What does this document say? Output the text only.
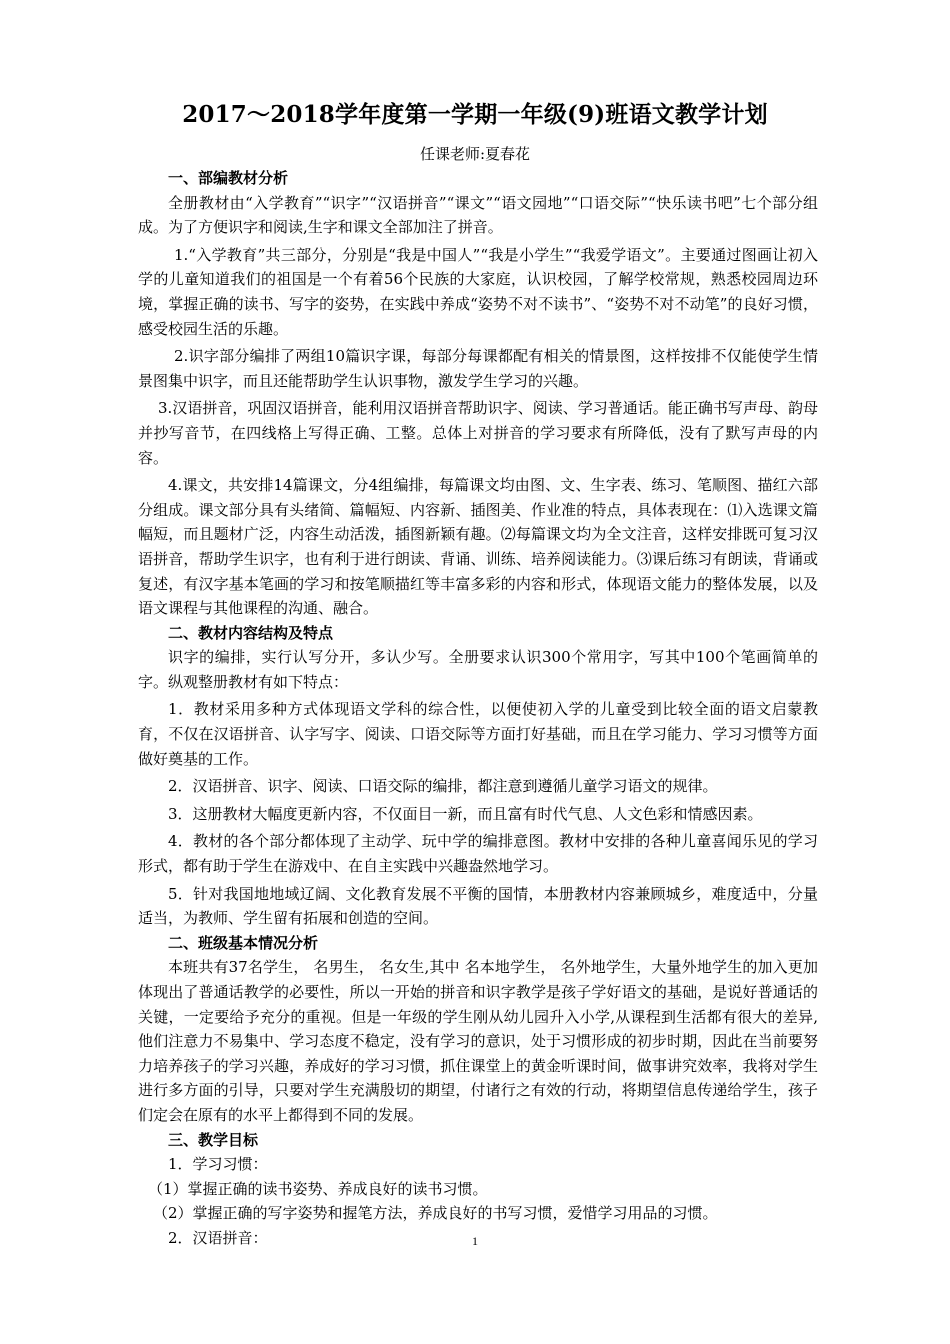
2017～2018学年度第一学期一年级(9)班语文教学计划
任课老师:夏春花

一、部编教材分析

全册教材由“入学教育”“识字”“汉语拼音”“课文”“语文园地”“口语交际”“快乐读书吧”七个部分组成。为了方便识字和阅读,生字和课文全部加注了拼音。

1.“入学教育”共三部分，分别是“我是中国人”“我是小学生”“我爱学语文”。主要通过图画让初入学的儿童知道我们的祖国是一个有着56个民族的大家庭，认识校园，了解学校常规，熟悉校园周边环境，掌握正确的读书、写字的姿势，在实践中养成“姿势不对不读书”、“姿势不对不动笔”的良好习惯，感受校园生活的乐趣。

2.识字部分编排了两组10篇识字课，每部分每课都配有相关的情景图，这样按排不仅能使学生情景图集中识字，而且还能帮助学生认识事物，激发学生学习的兴趣。

3.汉语拼音，巩固汉语拼音，能利用汉语拼音帮助识字、阅读、学习普通话。能正确书写声母、韵母并抄写音节，在四线格上写得正确、工整。总体上对拼音的学习要求有所降低，没有了默写声母的内容。

4.课文，共安排14篇课文，分4组编排，每篇课文均由图、文、生字表、练习、笔顺图、描红六部分组成。课文部分具有头绪简、篇幅短、内容新、插图美、作业准的特点，具体表现在：⑴入选课文篇幅短，而且题材广泛，内容生动活泼，插图新颖有趣。⑵每篇课文均为全文注音，这样安排既可复习汉语拼音，帮助学生识字，也有利于进行朗读、背诵、训练、培养阅读能力。⑶课后练习有朗读，背诵或复述，有汉字基本笔画的学习和按笔顺描红等丰富多彩的内容和形式，体现语文能力的整体发展，以及语文课程与其他课程的沟通、融合。

二、教材内容结构及特点

识字的编排，实行认写分开，多认少写。全册要求认识300个常用字，写其中100个笔画简单的字。纵观整册教材有如下特点：

1．教材采用多种方式体现语文学科的综合性，以便使初入学的儿童受到比较全面的语文启蒙教育，不仅在汉语拼音、认字写字、阅读、口语交际等方面打好基础，而且在学习能力、学习习惯等方面做好奠基的工作。

2．汉语拼音、识字、阅读、口语交际的编排，都注意到遵循儿童学习语文的规律。

3．这册教材大幅度更新内容，不仅面目一新，而且富有时代气息、人文色彩和情感因素。

4．教材的各个部分都体现了主动学、玩中学的编排意图。教材中安排的各种儿童喜闻乐见的学习形式，都有助于学生在游戏中、在自主实践中兴趣盎然地学习。

5．针对我国地地域辽阔、文化教育发展不平衡的国情，本册教材内容兼顾城乡，难度适中，分量适当，为教师、学生留有拓展和创造的空间。

二、班级基本情况分析

本班共有37名学生， 名男生， 名女生,其中 名本地学生， 名外地学生，大量外地学生的加入更加体现出了普通话教学的必要性，所以一开始的拼音和识字教学是孩子学好语文的基础，是说好普通话的关键，一定要给予充分的重视。但是一年级的学生刚从幼儿园升入小学,从课程到生活都有很大的差异,他们注意力不易集中、学习态度不稳定，没有学习的意识，处于习惯形成的初步时期，因此在当前要努力培养孩子的学习兴趣，养成好的学习习惯，抓住课堂上的黄金听课时间，做事讲究效率，我将对学生进行多方面的引导，只要对学生充满殷切的期望，付诸行之有效的行动，将期望信息传递给学生，孩子们定会在原有的水平上都得到不同的发展。

三、教学目标

1．学习习惯：

（1）掌握正确的读书姿势、养成良好的读书习惯。

（2）掌握正确的写字姿势和握笔方法，养成良好的书写习惯，爱惜学习用品的习惯。

2．汉语拼音：	1
